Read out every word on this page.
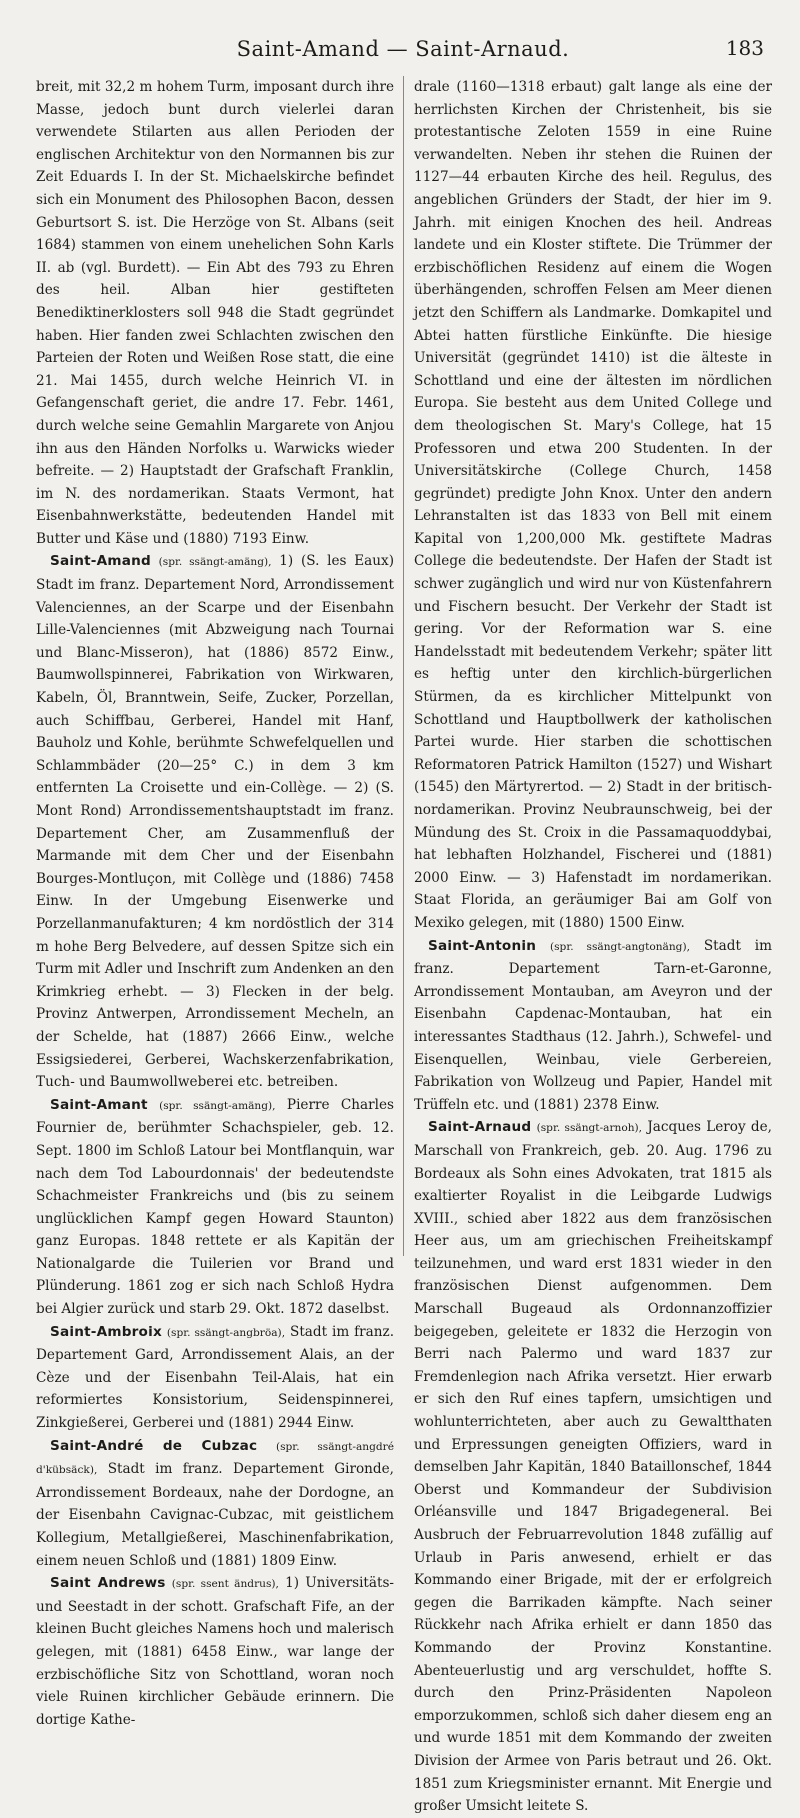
Saint-Amand — Saint-Arnaud.	183

breit, mit 32,2 m hohem Turm, imposant durch ihre Masse, jedoch bunt durch vielerlei daran verwendete Stilarten aus allen Perioden der englischen Architektur von den Normannen bis zur Zeit Eduards I. In der St. Michaelskirche befindet sich ein Monument des Philosophen Bacon, dessen Geburtsort S. ist. Die Herzöge von St. Albans (seit 1684) stammen von einem unehelichen Sohn Karls II. ab (vgl. Burdett). — Ein Abt des 793 zu Ehren des heil. Alban hier gestifteten Benediktinerklosters soll 948 die Stadt gegründet haben. Hier fanden zwei Schlachten zwischen den Parteien der Roten und Weißen Rose statt, die eine 21. Mai 1455, durch welche Heinrich VI. in Gefangenschaft geriet, die andre 17. Febr. 1461, durch welche seine Gemahlin Margarete von Anjou ihn aus den Händen Norfolks u. Warwicks wieder befreite. — 2) Hauptstadt der Grafschaft Franklin, im N. des nordamerikan. Staats Vermont, hat Eisenbahnwerkstätte, bedeutenden Handel mit Butter und Käse und (1880) 7193 Einw.

Saint-Amand (spr. ssängt-amäng), 1) (S. les Eaux) Stadt im franz. Departement Nord, Arrondissement Valenciennes, an der Scarpe und der Eisenbahn Lille-Valenciennes (mit Abzweigung nach Tournai und Blanc-Misseron), hat (1886) 8572 Einw., Baumwollspinnerei, Fabrikation von Wirkwaren, Kabeln, Öl, Branntwein, Seife, Zucker, Porzellan, auch Schiffbau, Gerberei, Handel mit Hanf, Bauholz und Kohle, berühmte Schwefelquellen und Schlammbäder (20—25° C.) in dem 3 km entfernten La Croisette und ein-Collège. — 2) (S. Mont Rond) Arrondissementshauptstadt im franz. Departement Cher, am Zusammenfluß der Marmande mit dem Cher und der Eisenbahn Bourges-Montluçon, mit Collège und (1886) 7458 Einw. In der Umgebung Eisenwerke und Porzellanmanufakturen; 4 km nordöstlich der 314 m hohe Berg Belvedere, auf dessen Spitze sich ein Turm mit Adler und Inschrift zum Andenken an den Krimkrieg erhebt. — 3) Flecken in der belg. Provinz Antwerpen, Arrondissement Mecheln, an der Schelde, hat (1887) 2666 Einw., welche Essigsiederei, Gerberei, Wachskerzenfabrikation, Tuch- und Baumwollweberei etc. betreiben.

Saint-Amant (spr. ssängt-amäng), Pierre Charles Fournier de, berühmter Schachspieler, geb. 12. Sept. 1800 im Schloß Latour bei Montflanquin, war nach dem Tod Labourdonnais' der bedeutendste Schachmeister Frankreichs und (bis zu seinem unglücklichen Kampf gegen Howard Staunton) ganz Europas. 1848 rettete er als Kapitän der Nationalgarde die Tuilerien vor Brand und Plünderung. 1861 zog er sich nach Schloß Hydra bei Algier zurück und starb 29. Okt. 1872 daselbst.

Saint-Ambroix (spr. ssängt-angbröa), Stadt im franz. Departement Gard, Arrondissement Alais, an der Cèze und der Eisenbahn Teil-Alais, hat ein reformiertes Konsistorium, Seidenspinnerei, Zinkgießerei, Gerberei und (1881) 2944 Einw.

Saint-André de Cubzac (spr. ssängt-angdré d'kübsäck), Stadt im franz. Departement Gironde, Arrondissement Bordeaux, nahe der Dordogne, an der Eisenbahn Cavignac-Cubzac, mit geistlichem Kollegium, Metallgießerei, Maschinenfabrikation, einem neuen Schloß und (1881) 1809 Einw.

Saint Andrews (spr. ssent ändrus), 1) Universitäts- und Seestadt in der schott. Grafschaft Fife, an der kleinen Bucht gleiches Namens hoch und malerisch gelegen, mit (1881) 6458 Einw., war lange der erzbischöfliche Sitz von Schottland, woran noch viele Ruinen kirchlicher Gebäude erinnern. Die dortige Kathe-

drale (1160—1318 erbaut) galt lange als eine der herrlichsten Kirchen der Christenheit, bis sie protestantische Zeloten 1559 in eine Ruine verwandelten. Neben ihr stehen die Ruinen der 1127—44 erbauten Kirche des heil. Regulus, des angeblichen Gründers der Stadt, der hier im 9. Jahrh. mit einigen Knochen des heil. Andreas landete und ein Kloster stiftete. Die Trümmer der erzbischöflichen Residenz auf einem die Wogen überhängenden, schroffen Felsen am Meer dienen jetzt den Schiffern als Landmarke. Domkapitel und Abtei hatten fürstliche Einkünfte. Die hiesige Universität (gegründet 1410) ist die älteste in Schottland und eine der ältesten im nördlichen Europa. Sie besteht aus dem United College und dem theologischen St. Mary's College, hat 15 Professoren und etwa 200 Studenten. In der Universitätskirche (College Church, 1458 gegründet) predigte John Knox. Unter den andern Lehranstalten ist das 1833 von Bell mit einem Kapital von 1,200,000 Mk. gestiftete Madras College die bedeutendste. Der Hafen der Stadt ist schwer zugänglich und wird nur von Küstenfahrern und Fischern besucht. Der Verkehr der Stadt ist gering. Vor der Reformation war S. eine Handelsstadt mit bedeutendem Verkehr; später litt es heftig unter den kirchlich-bürgerlichen Stürmen, da es kirchlicher Mittelpunkt von Schottland und Hauptbollwerk der katholischen Partei wurde. Hier starben die schottischen Reformatoren Patrick Hamilton (1527) und Wishart (1545) den Märtyrertod. — 2) Stadt in der britisch-nordamerikan. Provinz Neubraunschweig, bei der Mündung des St. Croix in die Passamaquoddybai, hat lebhaften Holzhandel, Fischerei und (1881) 2000 Einw. — 3) Hafenstadt im nordamerikan. Staat Florida, an geräumiger Bai am Golf von Mexiko gelegen, mit (1880) 1500 Einw.

Saint-Antonin (spr. ssängt-angtonäng), Stadt im franz. Departement Tarn-et-Garonne, Arrondissement Montauban, am Aveyron und der Eisenbahn Capdenac-Montauban, hat ein interessantes Stadthaus (12. Jahrh.), Schwefel- und Eisenquellen, Weinbau, viele Gerbereien, Fabrikation von Wollzeug und Papier, Handel mit Trüffeln etc. und (1881) 2378 Einw.

Saint-Arnaud (spr. ssängt-arnoh), Jacques Leroy de, Marschall von Frankreich, geb. 20. Aug. 1796 zu Bordeaux als Sohn eines Advokaten, trat 1815 als exaltierter Royalist in die Leibgarde Ludwigs XVIII., schied aber 1822 aus dem französischen Heer aus, um am griechischen Freiheitskampf teilzunehmen, und ward erst 1831 wieder in den französischen Dienst aufgenommen. Dem Marschall Bugeaud als Ordonnanzoffizier beigegeben, geleitete er 1832 die Herzogin von Berri nach Palermo und ward 1837 zur Fremdenlegion nach Afrika versetzt. Hier erwarb er sich den Ruf eines tapfern, umsichtigen und wohlunterrichteten, aber auch zu Gewaltthaten und Erpressungen geneigten Offiziers, ward in demselben Jahr Kapitän, 1840 Bataillonschef, 1844 Oberst und Kommandeur der Subdivision Orléansville und 1847 Brigadegeneral. Bei Ausbruch der Februarrevolution 1848 zufällig auf Urlaub in Paris anwesend, erhielt er das Kommando einer Brigade, mit der er erfolgreich gegen die Barrikaden kämpfte. Nach seiner Rückkehr nach Afrika erhielt er dann 1850 das Kommando der Provinz Konstantine. Abenteuerlustig und arg verschuldet, hoffte S. durch den Prinz-Präsidenten Napoleon emporzukommen, schloß sich daher diesem eng an und wurde 1851 mit dem Kommando der zweiten Division der Armee von Paris betraut und 26. Okt. 1851 zum Kriegsminister ernannt. Mit Energie und großer Umsicht leitete S.
